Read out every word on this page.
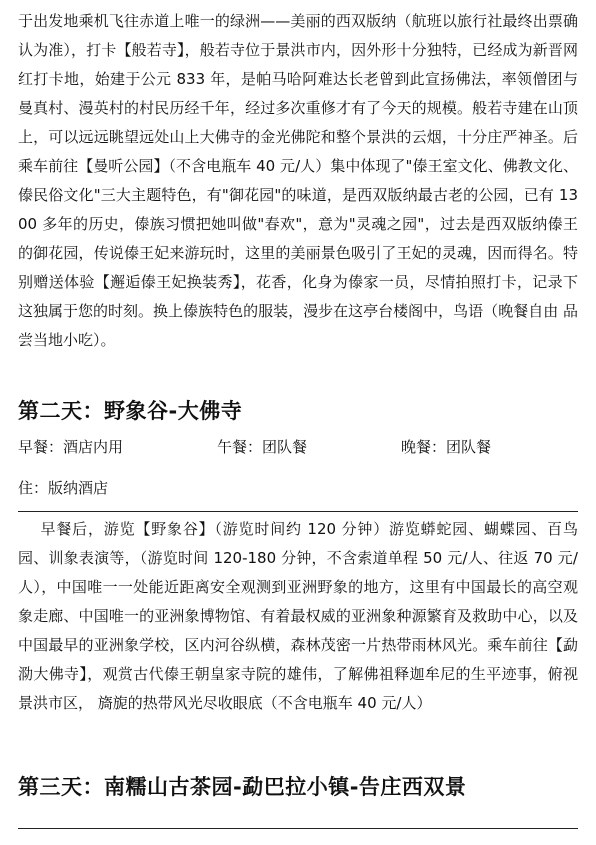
于出发地乘机飞往赤道上唯一的绿洲——美丽的西双版纳（航班以旅行社最终出票确认为准），打卡【般若寺】，般若寺位于景洪市内，因外形十分独特，已经成为新晋网红打卡地，始建于公元 833 年，是帕马哈阿难达长老曾到此宣扬佛法，率领僧团与曼真村、漫英村的村民历经千年，经过多次重修才有了今天的规模。般若寺建在山顶上，可以远远眺望远处山上大佛寺的金光佛陀和整个景洪的云烟，十分庄严神圣。后乘车前往【曼听公园】（不含电瓶车 40 元/人）集中体现了"傣王室文化、佛教文化、傣民俗文化"三大主题特色，有"御花园"的味道，是西双版纳最古老的公园，已有 1300 多年的历史，傣族习惯把她叫做"春欢"，意为"灵魂之园"，过去是西双版纳傣王的御花园，传说傣王妃来游玩时，这里的美丽景色吸引了王妃的灵魂，因而得名。特别赠送体验【邂逅傣王妃换装秀】，花香，化身为傣家一员，尽情拍照打卡，记录下这独属于您的时刻。换上傣族特色的服装，漫步在这亭台楼阁中，鸟语（晚餐自由 品尝当地小吃）。

第二天：野象谷-大佛寺
早餐：酒店内用	午餐：团队餐	晚餐：团队餐
住：版纳酒店

早餐后，游览【野象谷】（游览时间约 120 分钟）游览蟒蛇园、蝴蝶园、百鸟园、训象表演等，（游览时间 120-180 分钟，不含索道单程 50 元/人、往返 70 元/人），中国唯一一处能近距离安全观测到亚洲野象的地方，这里有中国最长的高空观象走廊、中国唯一的亚洲象博物馆、有着最权威的亚洲象种源繁育及救助中心，以及中国最早的亚洲象学校，区内河谷纵横，森林茂密一片热带雨林风光。乘车前往【勐泐大佛寺】，观赏古代傣王朝皇家寺院的雄伟，了解佛祖释迦牟尼的生平迹事，俯视景洪市区， 旖旎的热带风光尽收眼底（不含电瓶车 40 元/人）

第三天：南糯山古茶园-勐巴拉小镇-告庄西双景
